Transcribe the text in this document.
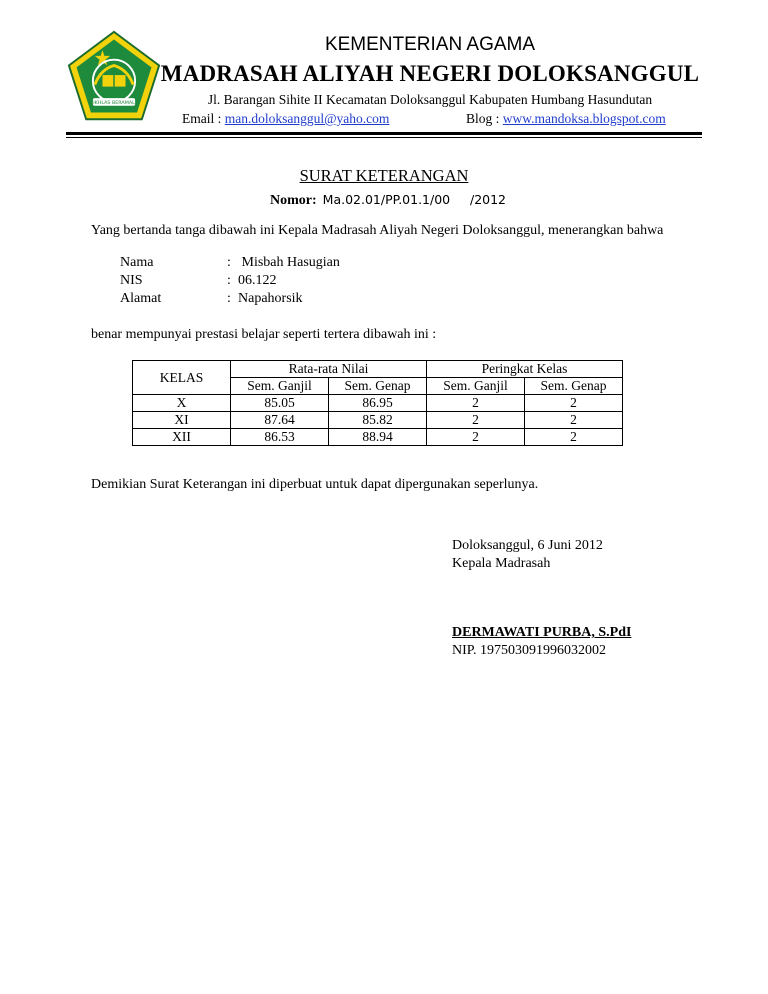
IKHLAS BERAMAL
KEMENTERIAN AGAMA
MADRASAH ALIYAH NEGERI DOLOKSANGGUL
Jl. Barangan Sihite II Kecamatan Doloksanggul Kabupaten Humbang Hasundutan
Email : man.doloksanggul@yaho.com	Blog : www.mandoksa.blogspot.com
SURAT KETERANGAN
Nomor: Ma.02.01/PP.01.1/00     /2012
Yang bertanda tanga dibawah ini Kepala Madrasah Aliyah Negeri Doloksanggul, menerangkan bahwa
Nama	: Misbah Hasugian
NIS	: 06.122
Alamat	: Napahorsik
benar mempunyai prestasi belajar seperti tertera dibawah ini :
KELAS	Rata-rata Nilai		Peringkat Kelas	
	Sem. Ganjil	Sem. Genap	Sem. Ganjil	Sem. Genap
X	85.05	86.95	2	2
XI	87.64	85.82	2	2
XII	86.53	88.94	2	2
Demikian Surat Keterangan ini diperbuat untuk dapat dipergunakan seperlunya.
Doloksanggul, 6 Juni 2012
Kepala Madrasah
DERMAWATI PURBA, S.PdI
NIP. 197503091996032002
